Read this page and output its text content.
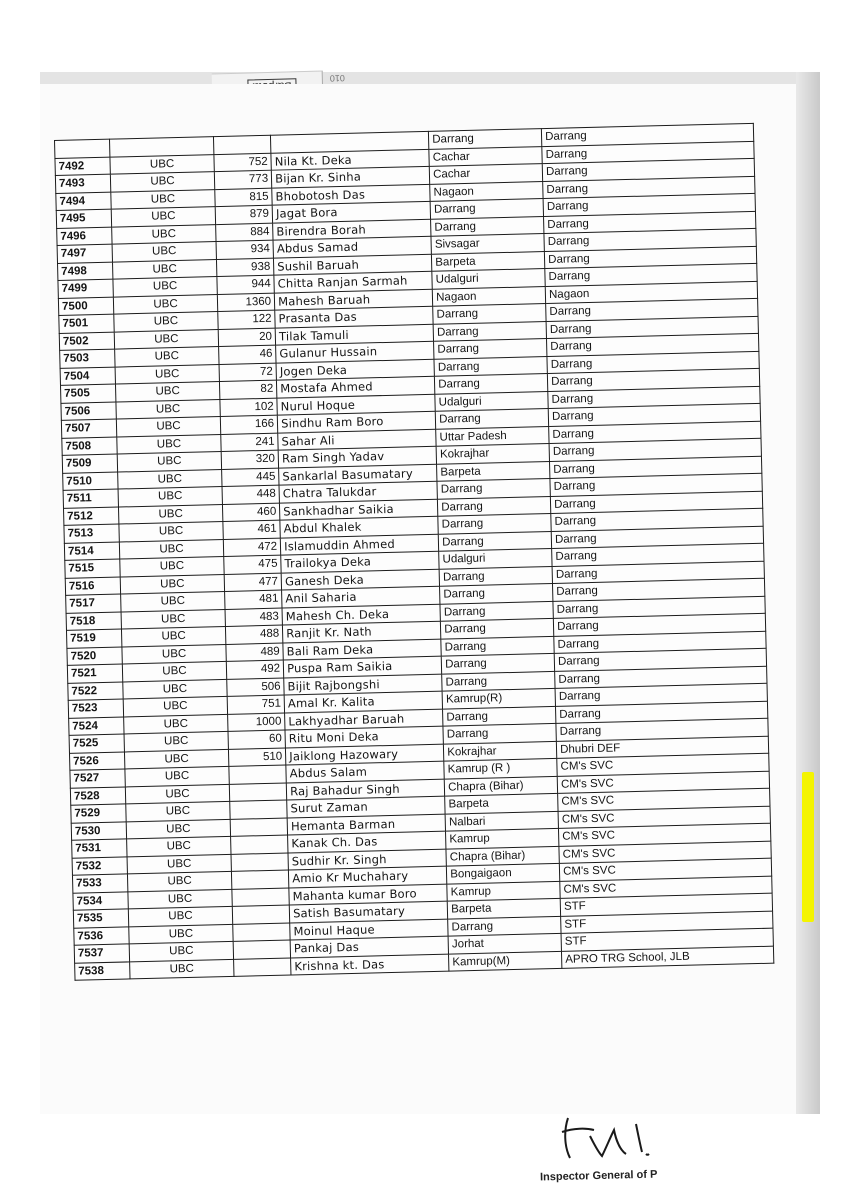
010
				Darrang	Darrang
7492	UBC	752	Nila Kt. Deka	Cachar	Darrang
7493	UBC	773	Bijan Kr. Sinha	Cachar	Darrang
7494	UBC	815	Bhobotosh Das	Nagaon	Darrang
7495	UBC	879	Jagat Bora	Darrang	Darrang
7496	UBC	884	Birendra Borah	Darrang	Darrang
7497	UBC	934	Abdus Samad	Sivsagar	Darrang
7498	UBC	938	Sushil Baruah	Barpeta	Darrang
7499	UBC	944	Chitta Ranjan Sarmah	Udalguri	Darrang
7500	UBC	1360	Mahesh Baruah	Nagaon	Nagaon
7501	UBC	122	Prasanta Das	Darrang	Darrang
7502	UBC	20	Tilak Tamuli	Darrang	Darrang
7503	UBC	46	Gulanur Hussain	Darrang	Darrang
7504	UBC	72	Jogen Deka	Darrang	Darrang
7505	UBC	82	Mostafa Ahmed	Darrang	Darrang
7506	UBC	102	Nurul Hoque	Udalguri	Darrang
7507	UBC	166	Sindhu Ram Boro	Darrang	Darrang
7508	UBC	241	Sahar Ali	Uttar Padesh	Darrang
7509	UBC	320	Ram Singh Yadav	Kokrajhar	Darrang
7510	UBC	445	Sankarlal Basumatary	Barpeta	Darrang
7511	UBC	448	Chatra Talukdar	Darrang	Darrang
7512	UBC	460	Sankhadhar Saikia	Darrang	Darrang
7513	UBC	461	Abdul Khalek	Darrang	Darrang
7514	UBC	472	Islamuddin Ahmed	Darrang	Darrang
7515	UBC	475	Trailokya Deka	Udalguri	Darrang
7516	UBC	477	Ganesh Deka	Darrang	Darrang
7517	UBC	481	Anil Saharia	Darrang	Darrang
7518	UBC	483	Mahesh Ch. Deka	Darrang	Darrang
7519	UBC	488	Ranjit Kr. Nath	Darrang	Darrang
7520	UBC	489	Bali Ram Deka	Darrang	Darrang
7521	UBC	492	Puspa Ram Saikia	Darrang	Darrang
7522	UBC	506	Bijit Rajbongshi	Darrang	Darrang
7523	UBC	751	Amal Kr. Kalita	Kamrup(R)	Darrang
7524	UBC	1000	Lakhyadhar Baruah	Darrang	Darrang
7525	UBC	60	Ritu Moni Deka	Darrang	Darrang
7526	UBC	510	Jaiklong Hazowary	Kokrajhar	Dhubri DEF
7527	UBC		Abdus Salam	Kamrup (R )	CM's SVC
7528	UBC		Raj Bahadur Singh	Chapra (Bihar)	CM's SVC
7529	UBC		Surut Zaman	Barpeta	CM's SVC
7530	UBC		Hemanta Barman	Nalbari	CM's SVC
7531	UBC		Kanak Ch. Das	Kamrup	CM's SVC
7532	UBC		Sudhir Kr. Singh	Chapra (Bihar)	CM's SVC
7533	UBC		Amio Kr Muchahary	Bongaigaon	CM's SVC
7534	UBC		Mahanta kumar Boro	Kamrup	CM's SVC
7535	UBC		Satish Basumatary	Barpeta	STF
7536	UBC		Moinul Haque	Darrang	STF
7537	UBC		Pankaj Das	Jorhat	STF
7538	UBC		Krishna kt. Das	Kamrup(M)	APRO TRG School, JLB
Inspector General of P
